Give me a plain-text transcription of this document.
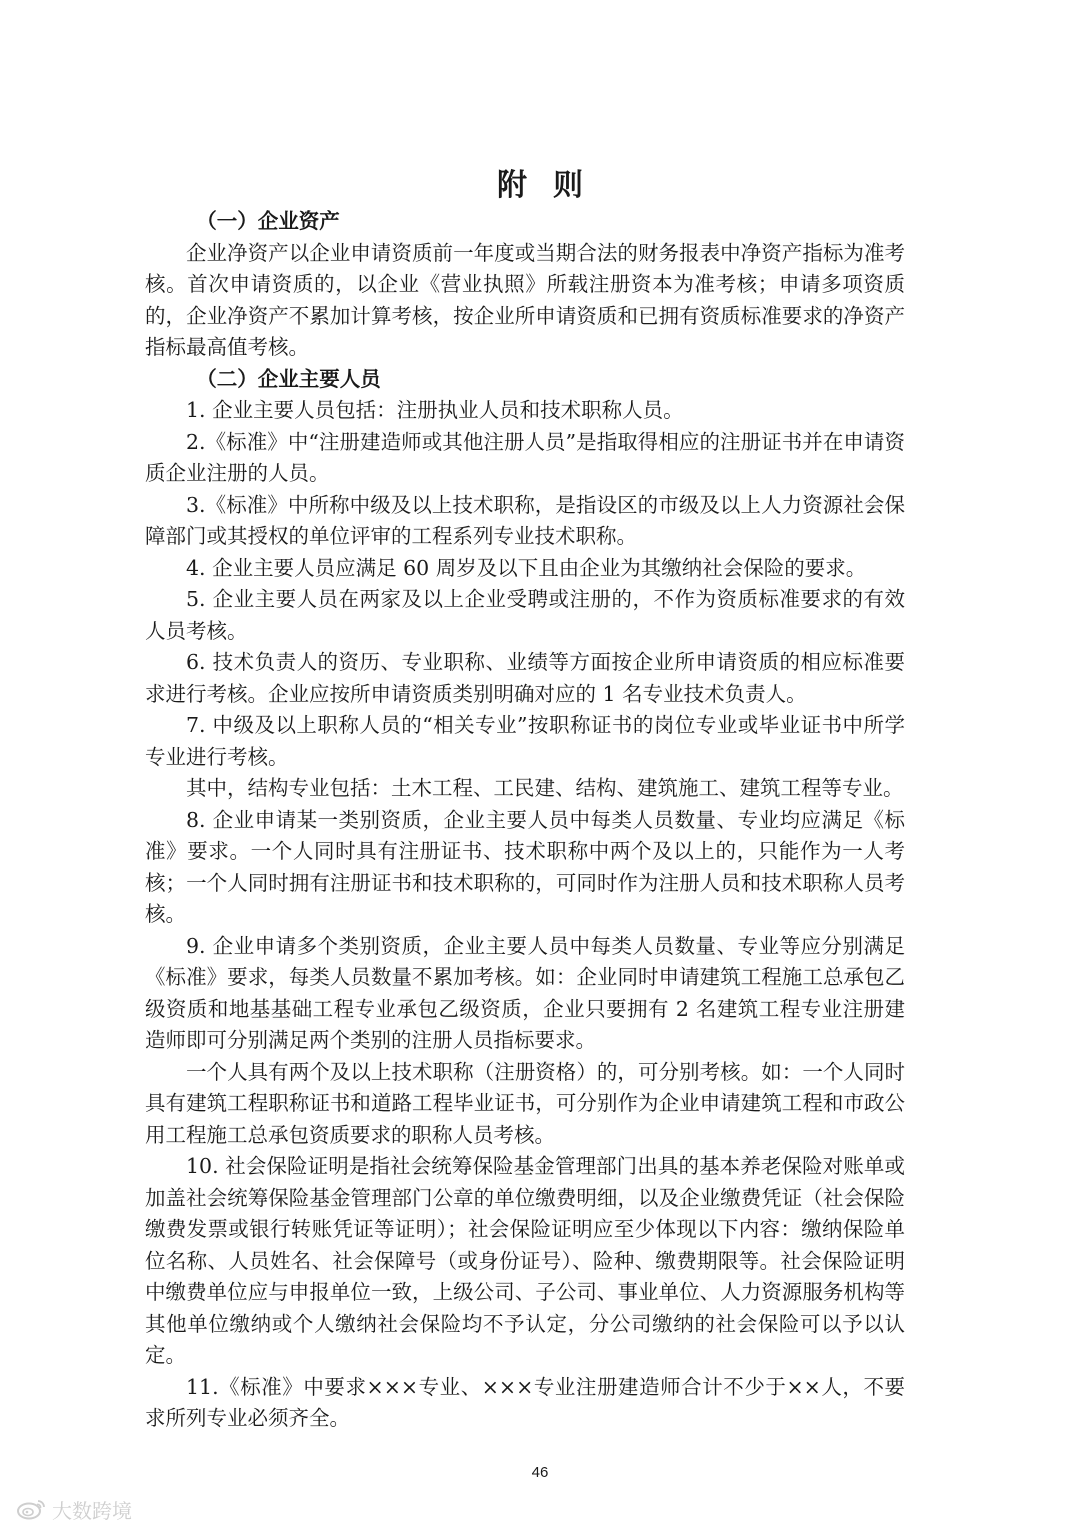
附则

（一）企业资产

企业净资产以企业申请资质前一年度或当期合法的财务报表中净资产指标为准考核。首次申请资质的，以企业《营业执照》所载注册资本为准考核；申请多项资质的，企业净资产不累加计算考核，按企业所申请资质和已拥有资质标准要求的净资产指标最高值考核。

（二）企业主要人员

1. 企业主要人员包括：注册执业人员和技术职称人员。

2.《标准》中“注册建造师或其他注册人员”是指取得相应的注册证书并在申请资质企业注册的人员。

3.《标准》中所称中级及以上技术职称，是指设区的市级及以上人力资源社会保障部门或其授权的单位评审的工程系列专业技术职称。

4. 企业主要人员应满足 60 周岁及以下且由企业为其缴纳社会保险的要求。

5. 企业主要人员在两家及以上企业受聘或注册的，不作为资质标准要求的有效人员考核。

6. 技术负责人的资历、专业职称、业绩等方面按企业所申请资质的相应标准要求进行考核。企业应按所申请资质类别明确对应的 1 名专业技术负责人。

7. 中级及以上职称人员的“相关专业”按职称证书的岗位专业或毕业证书中所学专业进行考核。

其中，结构专业包括：土木工程、工民建、结构、建筑施工、建筑工程等专业。

8. 企业申请某一类别资质，企业主要人员中每类人员数量、专业均应满足《标准》要求。一个人同时具有注册证书、技术职称中两个及以上的，只能作为一人考核；一个人同时拥有注册证书和技术职称的，可同时作为注册人员和技术职称人员考核。

9. 企业申请多个类别资质，企业主要人员中每类人员数量、专业等应分别满足《标准》要求，每类人员数量不累加考核。如：企业同时申请建筑工程施工总承包乙级资质和地基基础工程专业承包乙级资质，企业只要拥有 2 名建筑工程专业注册建造师即可分别满足两个类别的注册人员指标要求。

一个人具有两个及以上技术职称（注册资格）的，可分别考核。如：一个人同时具有建筑工程职称证书和道路工程毕业证书，可分别作为企业申请建筑工程和市政公用工程施工总承包资质要求的职称人员考核。

10. 社会保险证明是指社会统筹保险基金管理部门出具的基本养老保险对账单或加盖社会统筹保险基金管理部门公章的单位缴费明细，以及企业缴费凭证（社会保险缴费发票或银行转账凭证等证明）；社会保险证明应至少体现以下内容：缴纳保险单位名称、人员姓名、社会保障号（或身份证号）、险种、缴费期限等。社会保险证明中缴费单位应与申报单位一致，上级公司、子公司、事业单位、人力资源服务机构等其他单位缴纳或个人缴纳社会保险均不予认定，分公司缴纳的社会保险可以予以认定。

11.《标准》中要求×××专业、×××专业注册建造师合计不少于××人，不要求所列专业必须齐全。

46
大数跨境
